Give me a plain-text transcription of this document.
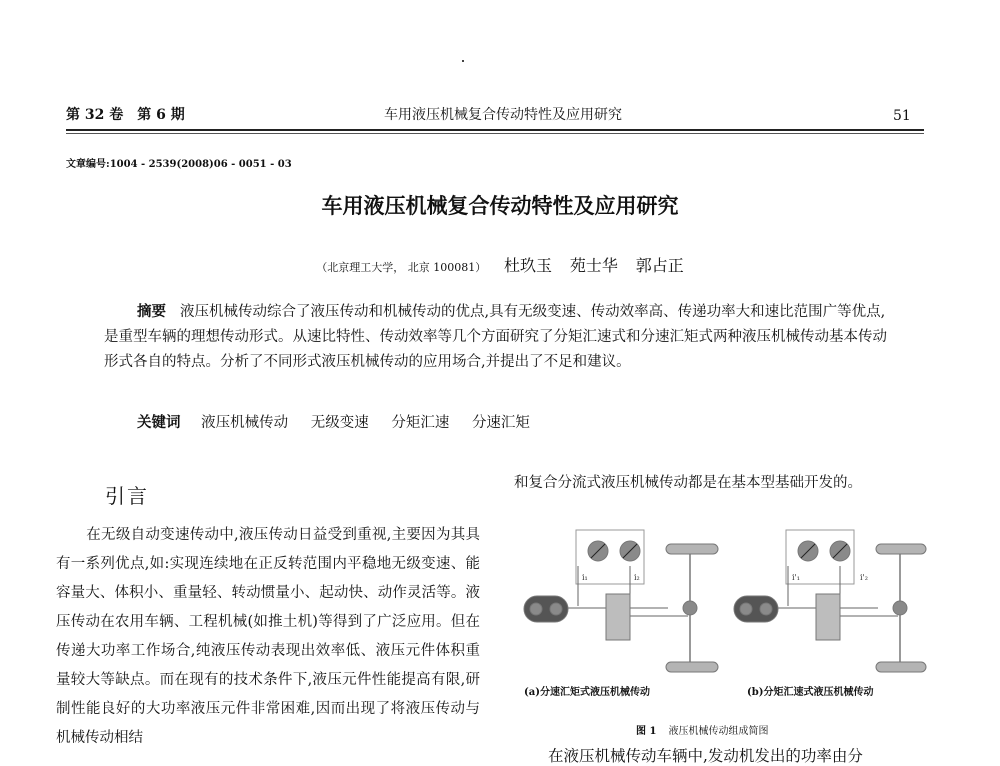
第 32 卷　第 6 期	车用液压机械复合传动特性及应用研究	51
文章编号:1004 - 2539(2008)06 - 0051 - 03
车用液压机械复合传动特性及应用研究
（北京理工大学， 北京 100081） 杜玖玉 苑士华 郭占正
摘要 液压机械传动综合了液压传动和机械传动的优点,具有无级变速、传动效率高、传递功率大和速比范围广等优点,是重型车辆的理想传动形式。从速比特性、传动效率等几个方面研究了分矩汇速式和分速汇矩式两种液压机械传动基本传动形式各自的特点。分析了不同形式液压机械传动的应用场合,并提出了不足和建议。
关键词 液压机械传动 无级变速 分矩汇速 分速汇矩
引言
在无级自动变速传动中,液压传动日益受到重视,主要因为其具有一系列优点,如:实现连续地在正反转范围内平稳地无级变速、能容量大、体积小、重量轻、转动惯量小、起动快、动作灵活等。液压传动在农用车辆、工程机械(如推土机)等得到了广泛应用。但在传递大功率工作场合,纯液压传动表现出效率低、液压元件体积重量较大等缺点。而在现有的技术条件下,液压元件性能提高有限,研制性能良好的大功率液压元件非常困难,因而出现了将液压传动与机械传动相结
和复合分流式液压机械传动都是在基本型基础开发的。
i₁	i₂	i'₁	i'₂
(a)分速汇矩式液压机械传动	(b)分矩汇速式液压机械传动
图 1 液压机械传动组成简图
在液压机械传动车辆中,发动机发出的功率由分
